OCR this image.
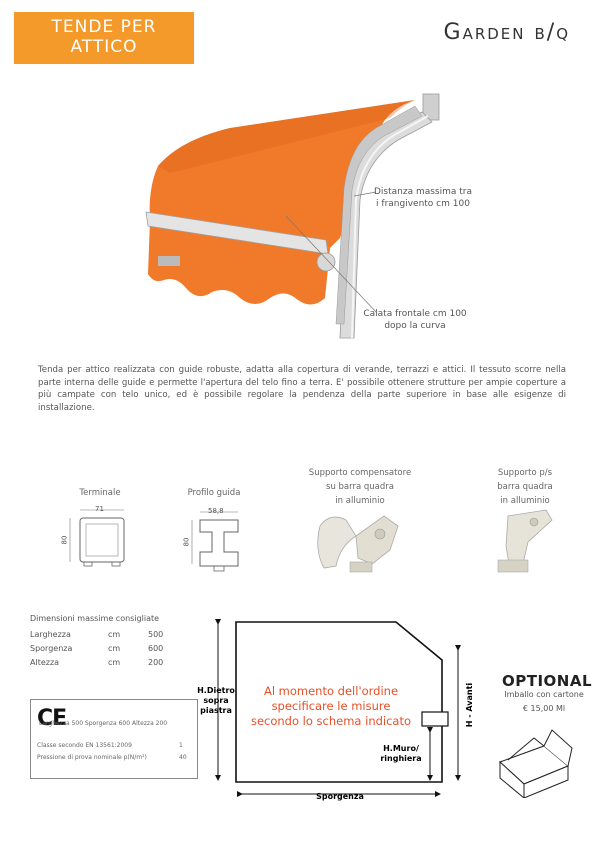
TENDE PER
ATTICO
Garden b/q
Distanza massima tra
i frangivento cm 100
Calata frontale cm 100
dopo la curva
Tenda per attico realizzata con guide robuste, adatta alla copertura di verande, terrazzi e attici. Il tessuto scorre nella parte interna delle guide e permette l'apertura del telo fino a terra. E' possibile ottenere strutture per ampie coperture a più campate con telo unico, ed è possibile regolare la pendenza della parte superiore in base alle esigenze di installazione.
Terminale
71
80
Profilo guida
58,8
80
Supporto compensatore
su barra quadra
in alluminio
Supporto p/s
barra quadra
in alluminio
Dimensioni massime consigliate
Larghezza	cm	500
Sporgenza	cm	600
Altezza	cm	200
CE
Larghezza 500 Sporgenza 600 Altezza 200
Classe secondo EN 13561:2009	1
Pressione di prova nominale p(N/m²)	40
H.Dietro
sopra
piastra
Al momento dell'ordine
specificare le misure
secondo lo schema indicato
H.Muro/
ringhiera
H - Avanti
Sporgenza
OPTIONAL
Imballo con cartone
€ 15,00 Ml
